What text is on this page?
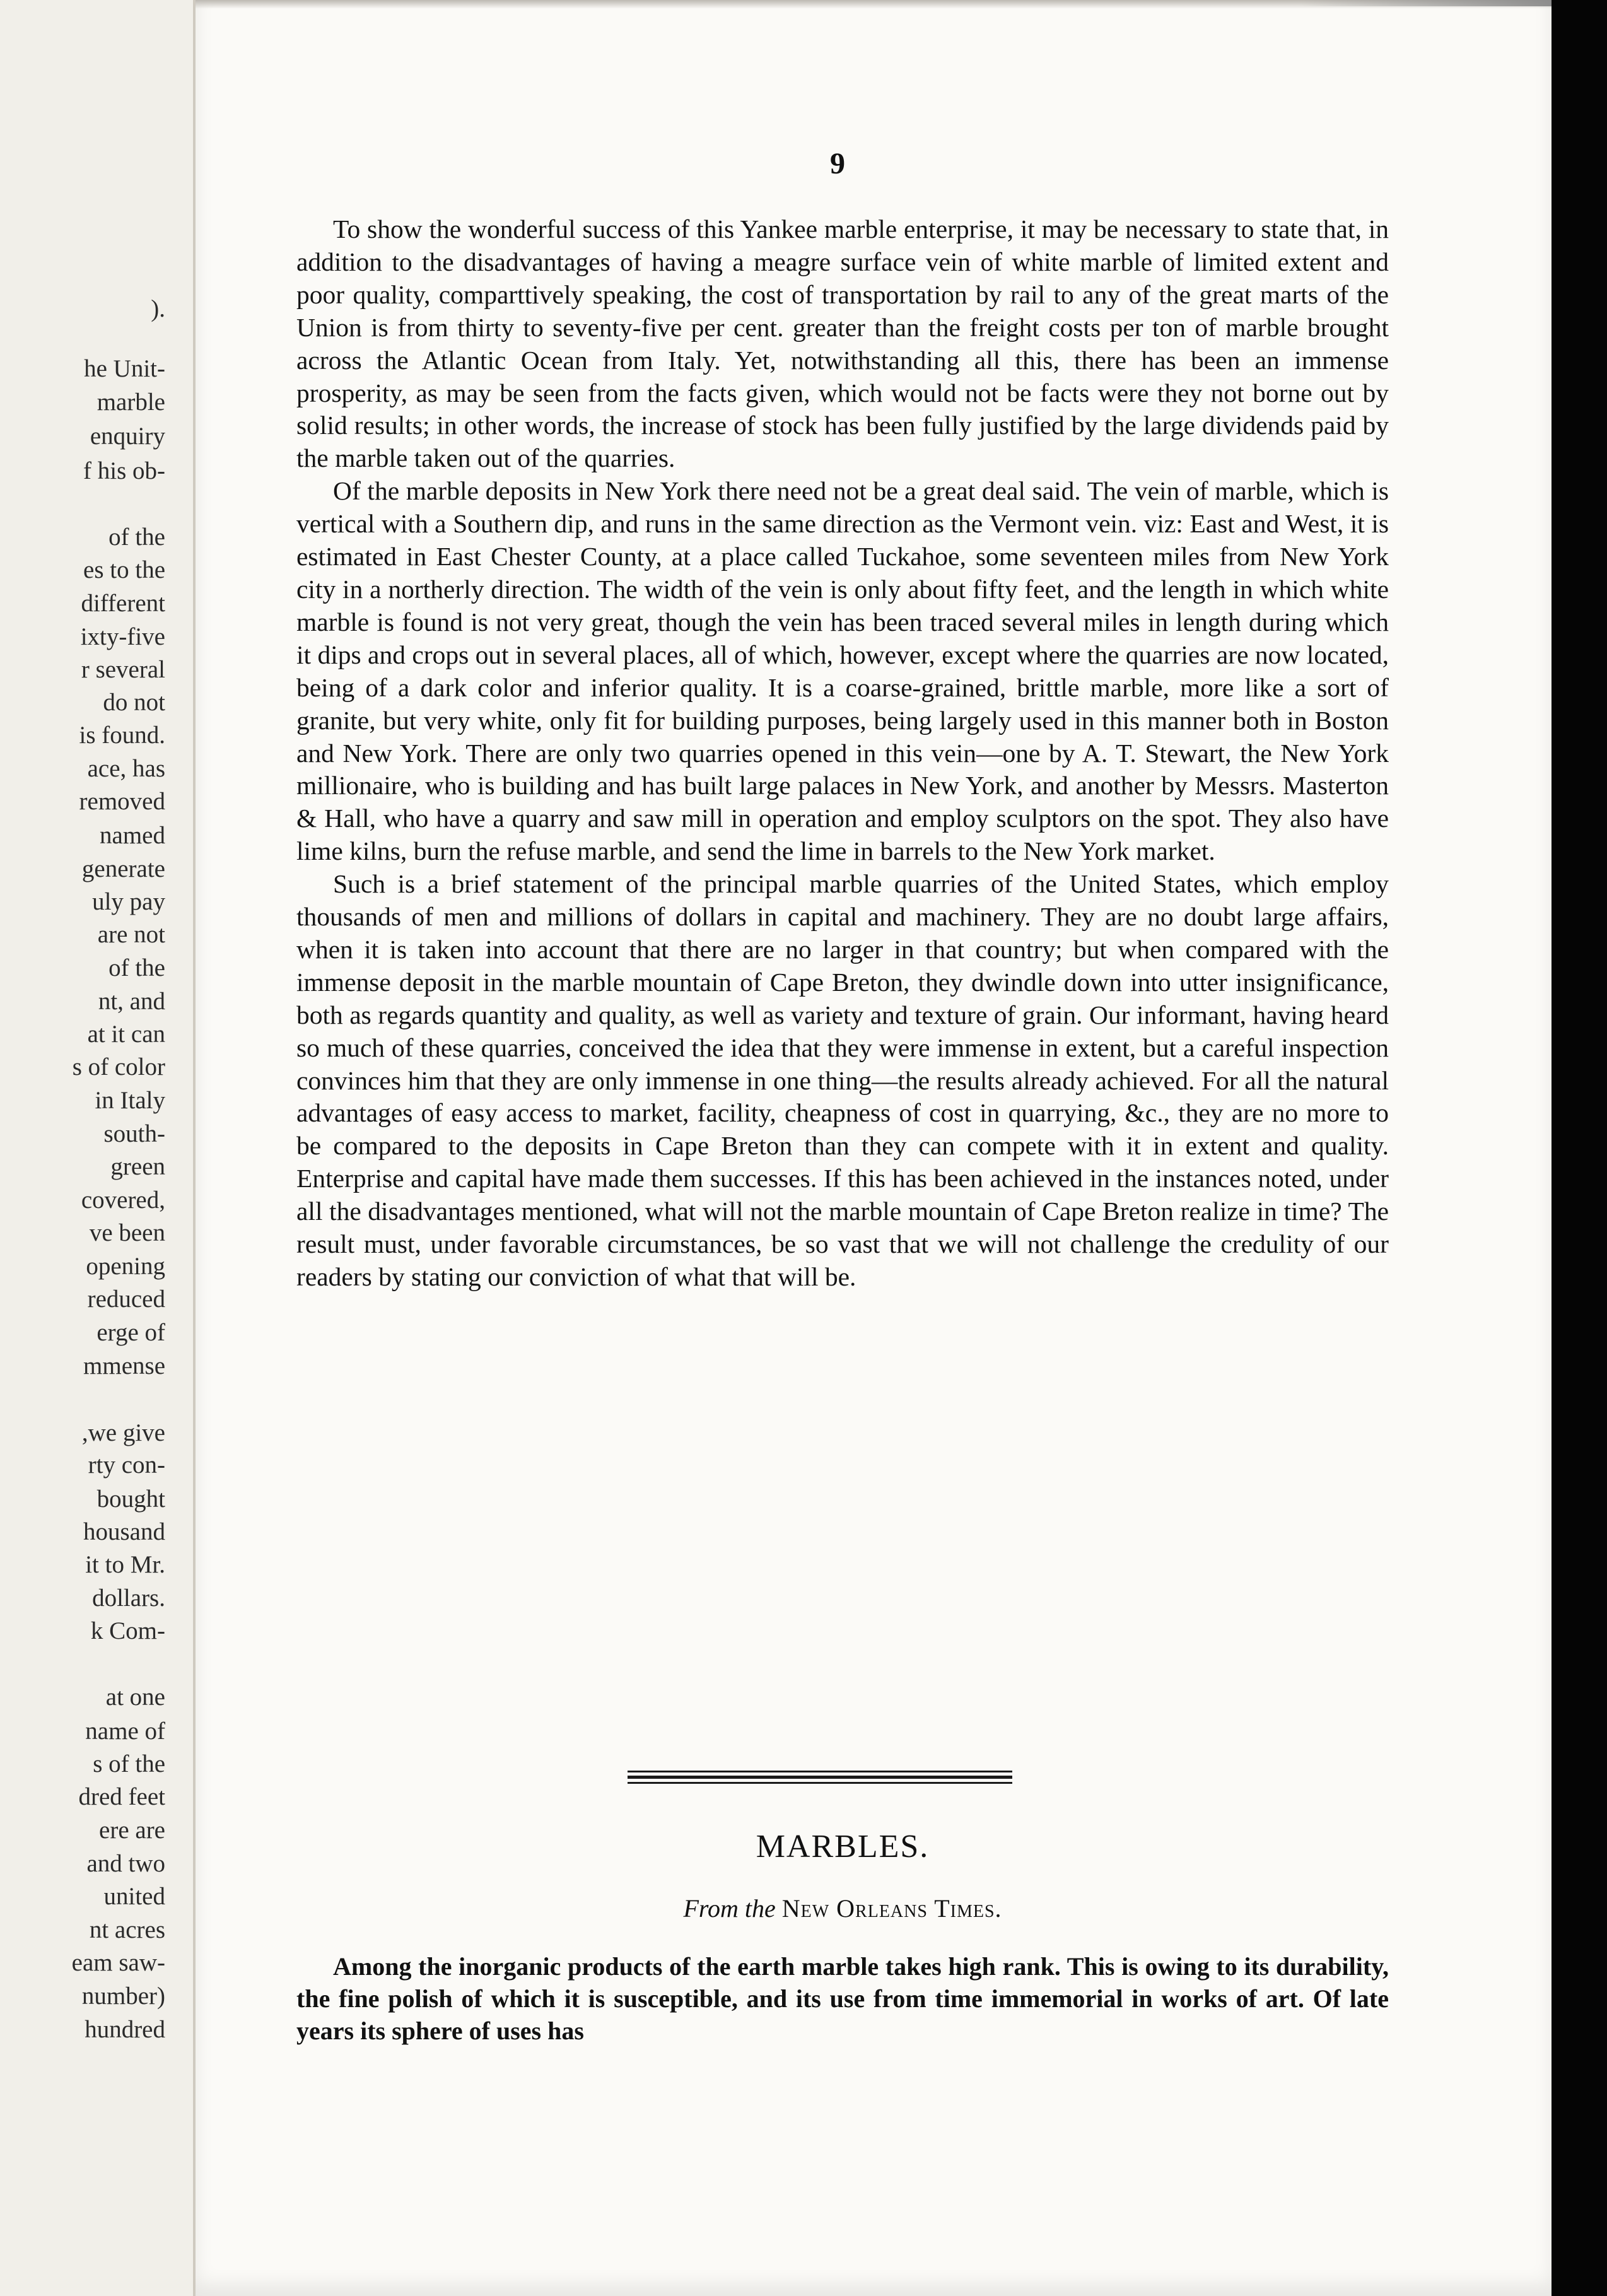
).
he Unit-
marble
enquiry
f his ob-
of the
es to the
different
ixty-five
r several
do not
is found.
ace, has
removed
named
generate
uly pay
are not
of the
nt, and
at it can
s of color
in Italy
south-
green
covered,
ve been
opening
reduced
erge of
mmense
,we give
rty con-
bought
housand
it to Mr.
dollars.
k Com-
at one
name of
s of the
dred feet
ere are
and two
united
nt acres
eam saw-
number)
hundred
9

To show the wonderful success of this Yankee marble enterprise, it may be necessary to state that, in addition to the disadvantages of having a meagre surface vein of white marble of limited extent and poor quality, comparttively speaking, the cost of transportation by rail to any of the great marts of the Union is from thirty to seventy-five per cent. greater than the freight costs per ton of marble brought across the Atlantic Ocean from Italy. Yet, notwithstanding all this, there has been an immense prosperity, as may be seen from the facts given, which would not be facts were they not borne out by solid results; in other words, the increase of stock has been fully justified by the large dividends paid by the marble taken out of the quarries.

Of the marble deposits in New York there need not be a great deal said. The vein of marble, which is vertical with a Southern dip, and runs in the same direction as the Vermont vein. viz: East and West, it is estimated in East Chester County, at a place called Tuckahoe, some seventeen miles from New York city in a northerly direction. The width of the vein is only about fifty feet, and the length in which white marble is found is not very great, though the vein has been traced several miles in length during which it dips and crops out in several places, all of which, however, except where the quarries are now located, being of a dark color and inferior quality. It is a coarse-grained, brittle marble, more like a sort of granite, but very white, only fit for building purposes, being largely used in this manner both in Boston and New York. There are only two quarries opened in this vein—one by A. T. Stewart, the New York millionaire, who is building and has built large palaces in New York, and another by Messrs. Masterton & Hall, who have a quarry and saw mill in operation and employ sculptors on the spot. They also have lime kilns, burn the refuse marble, and send the lime in barrels to the New York market.

Such is a brief statement of the principal marble quarries of the United States, which employ thousands of men and millions of dollars in capital and machinery. They are no doubt large affairs, when it is taken into account that there are no larger in that country; but when compared with the immense deposit in the marble mountain of Cape Breton, they dwindle down into utter insignificance, both as regards quantity and quality, as well as variety and texture of grain. Our informant, having heard so much of these quarries, conceived the idea that they were immense in extent, but a careful inspection convinces him that they are only immense in one thing—the results already achieved. For all the natural advantages of easy access to market, facility, cheapness of cost in quarrying, &c., they are no more to be compared to the deposits in Cape Breton than they can compete with it in extent and quality. Enterprise and capital have made them successes. If this has been achieved in the instances noted, under all the disadvantages mentioned, what will not the marble mountain of Cape Breton realize in time? The result must, under favorable circumstances, be so vast that we will not challenge the credulity of our readers by stating our conviction of what that will be.

MARBLES.
From the New Orleans Times.

Among the inorganic products of the earth marble takes high rank. This is owing to its durability, the fine polish of which it is susceptible, and its use from time immemorial in works of art. Of late years its sphere of uses has
